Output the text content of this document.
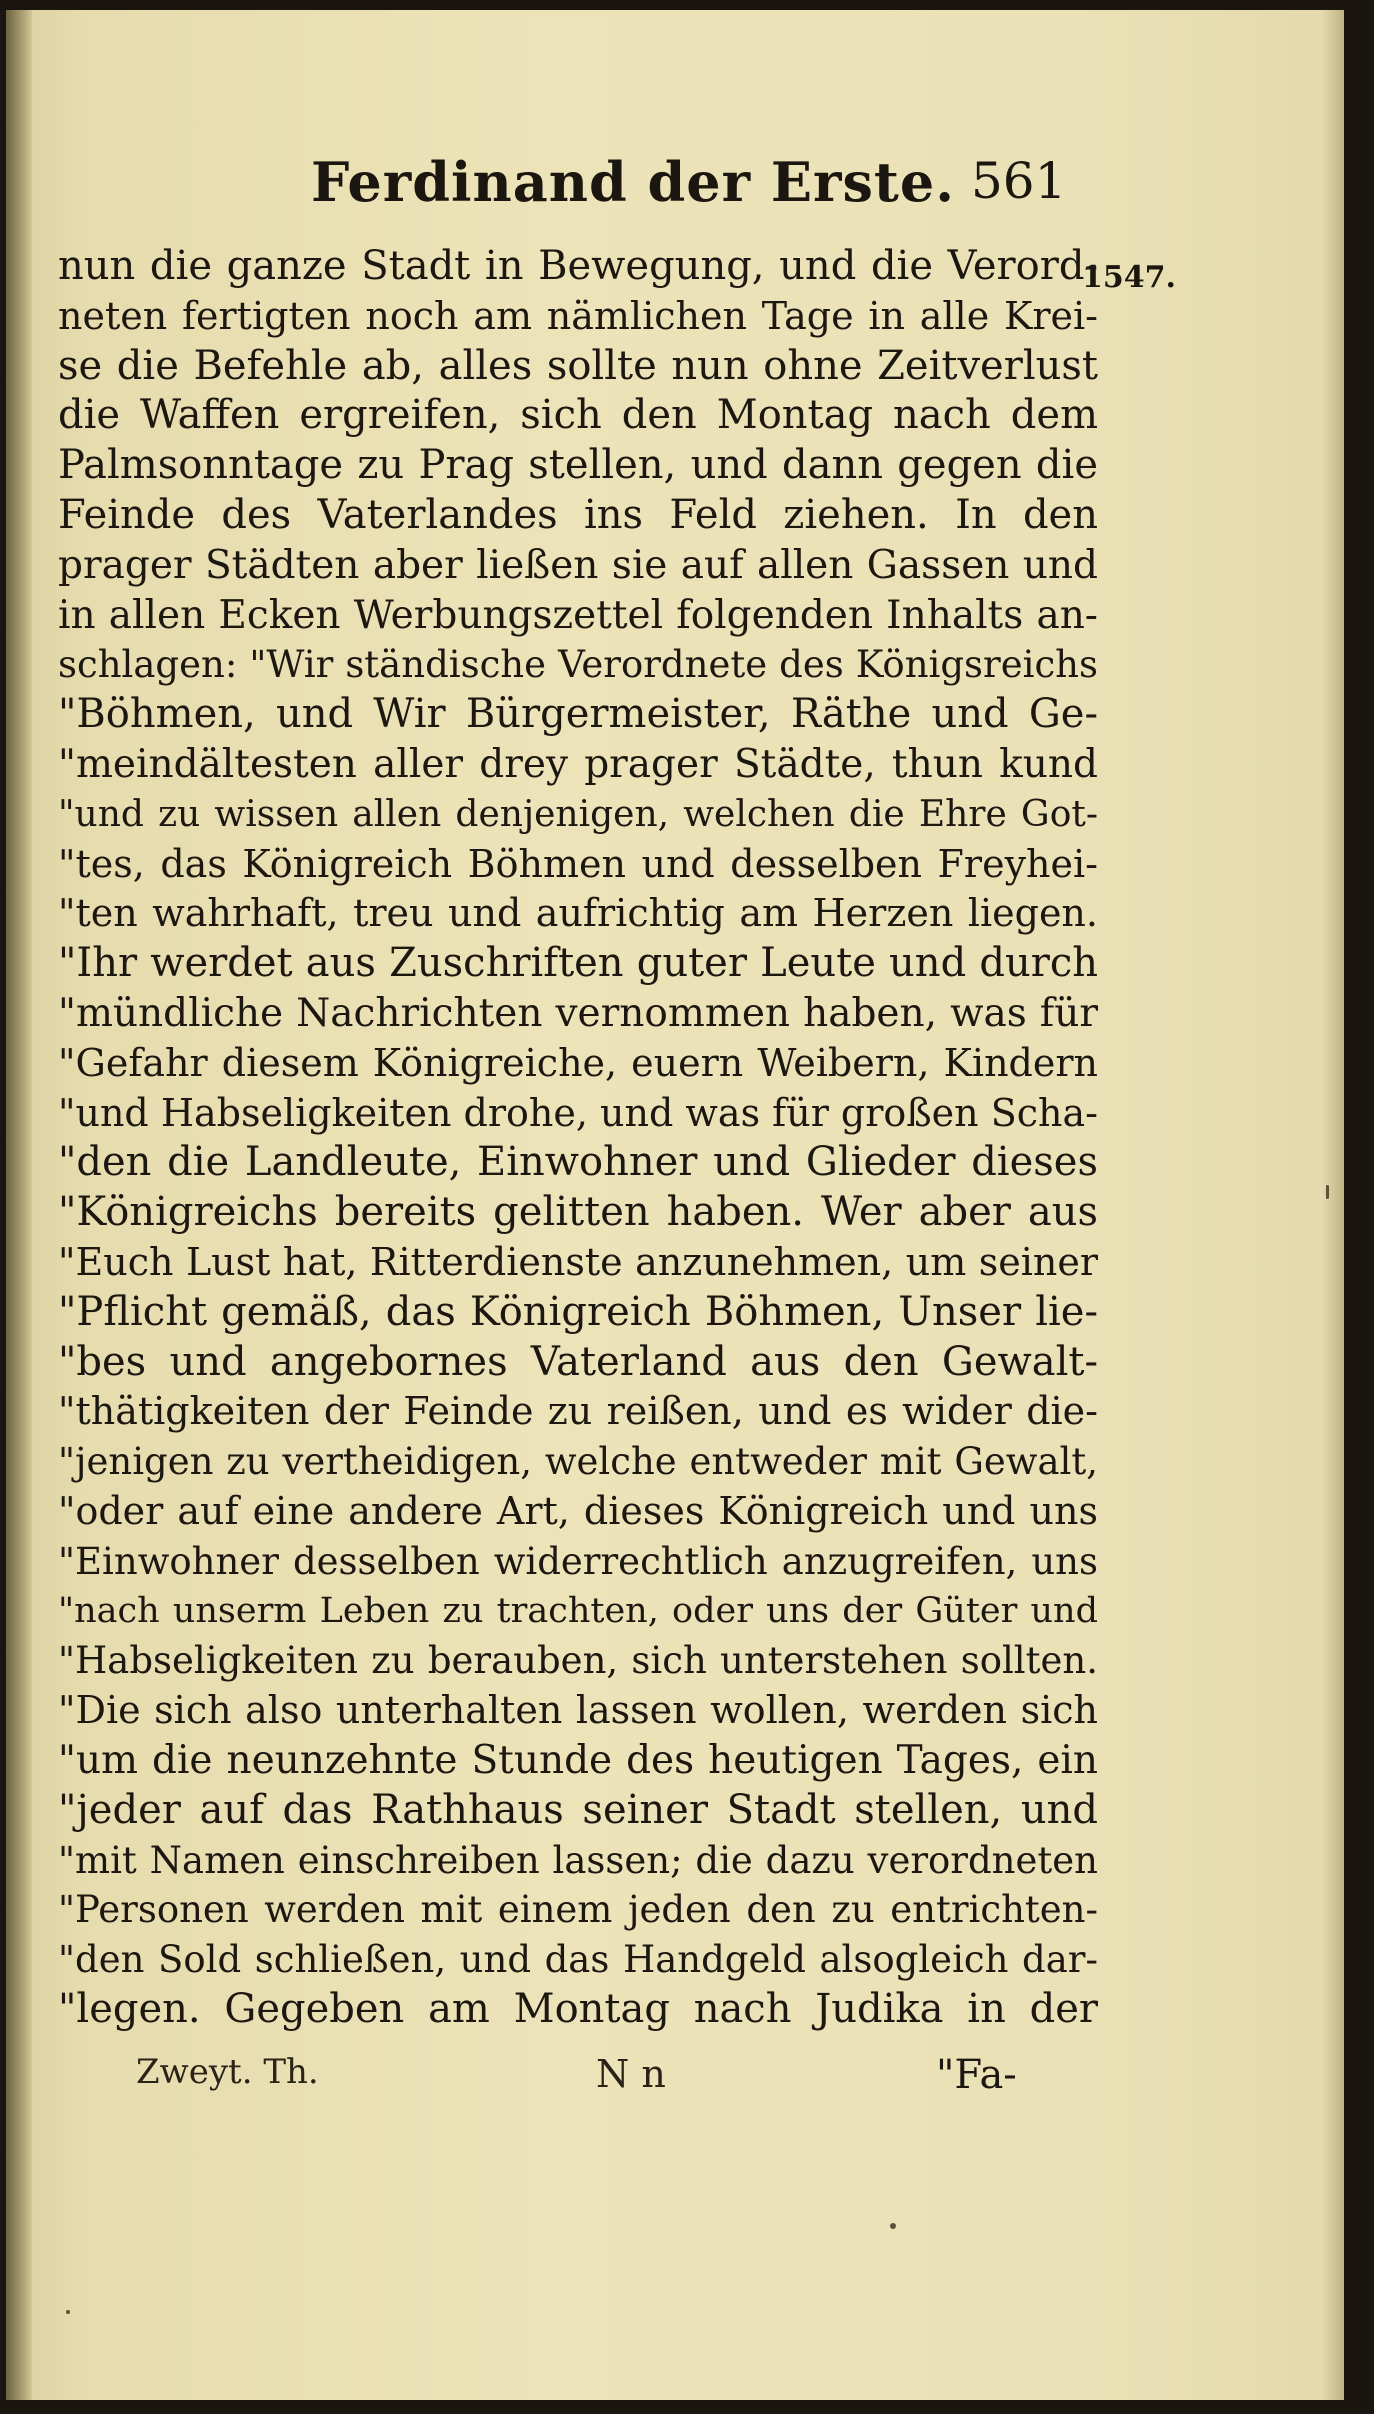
Ferdinand der Erste. 561
1547.
nun die ganze Stadt in Bewegung, und die Verord-
neten fertigten noch am nämlichen Tage in alle Krei-
se die Befehle ab, alles sollte nun ohne Zeitverlust
die Waffen ergreifen, sich den Montag nach dem
Palmsonntage zu Prag stellen, und dann gegen die
Feinde des Vaterlandes ins Feld ziehen. In den
prager Städten aber ließen sie auf allen Gassen und
in allen Ecken Werbungszettel folgenden Inhalts an-
schlagen: "Wir ständische Verordnete des Königsreichs
"Böhmen, und Wir Bürgermeister, Räthe und Ge-
"meindältesten aller drey prager Städte, thun kund
"und zu wissen allen denjenigen, welchen die Ehre Got-
"tes, das Königreich Böhmen und desselben Freyhei-
"ten wahrhaft, treu und aufrichtig am Herzen liegen.
"Ihr werdet aus Zuschriften guter Leute und durch
"mündliche Nachrichten vernommen haben, was für
"Gefahr diesem Königreiche, euern Weibern, Kindern
"und Habseligkeiten drohe, und was für großen Scha-
"den die Landleute, Einwohner und Glieder dieses
"Königreichs bereits gelitten haben. Wer aber aus
"Euch Lust hat, Ritterdienste anzunehmen, um seiner
"Pflicht gemäß, das Königreich Böhmen, Unser lie-
"bes und angebornes Vaterland aus den Gewalt-
"thätigkeiten der Feinde zu reißen, und es wider die-
"jenigen zu vertheidigen, welche entweder mit Gewalt,
"oder auf eine andere Art, dieses Königreich und uns
"Einwohner desselben widerrechtlich anzugreifen, uns
"nach unserm Leben zu trachten, oder uns der Güter und
"Habseligkeiten zu berauben, sich unterstehen sollten.
"Die sich also unterhalten lassen wollen, werden sich
"um die neunzehnte Stunde des heutigen Tages, ein
"jeder auf das Rathhaus seiner Stadt stellen, und
"mit Namen einschreiben lassen; die dazu verordneten
"Personen werden mit einem jeden den zu entrichten-
"den Sold schließen, und das Handgeld alsogleich dar-
"legen. Gegeben am Montag nach Judika in der
Zweyt. Th.	N n	"Fa-
